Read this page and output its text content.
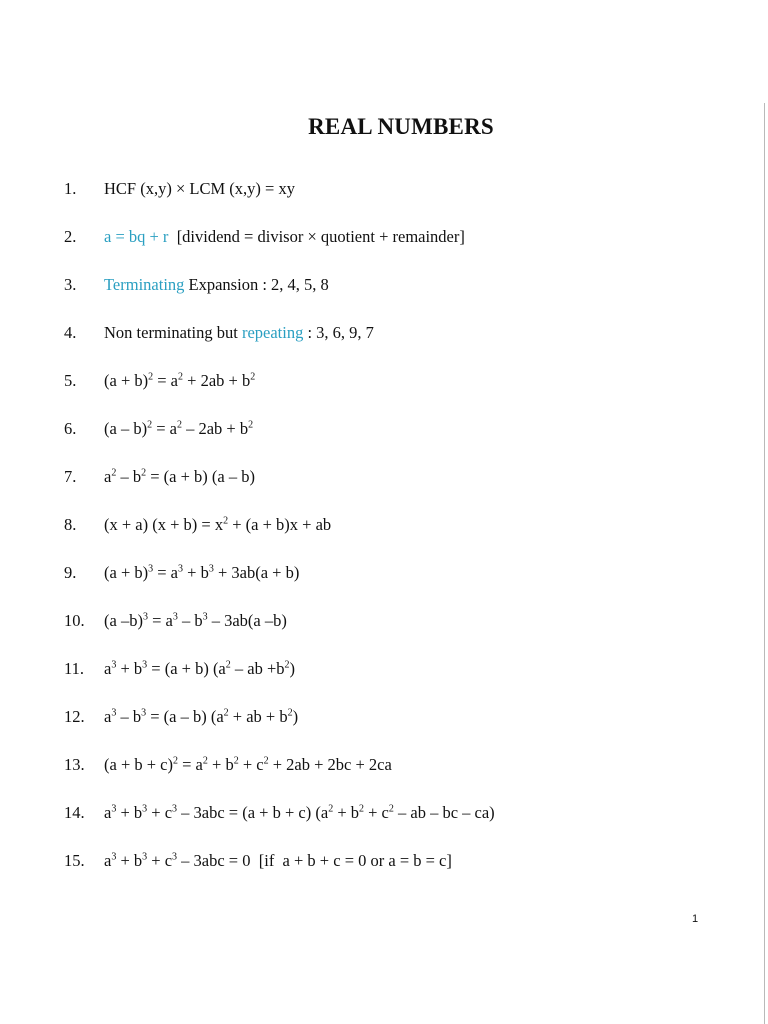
REAL NUMBERS
1.	HCF (x,y) × LCM (x,y) = xy
2.	a = bq + r  [dividend = divisor × quotient + remainder]
3.	Terminating Expansion : 2, 4, 5, 8
4.	Non terminating but repeating : 3, 6, 9, 7
5.	$(a + b)^2 = a^2 + 2ab + b^2$
6.	$(a - b)^2 = a^2 - 2ab + b^2$
7.	$a^2 - b^2 = (a + b)$ (a – b)
8.	(x + a) $(x + b) = x^2 + (a + b)x$ + ab
9.	$(a + b)^3 = a^3 + b^3 + 3ab(a + b)$
10.	(a $-b)^3 = a^3 - b^3 - 3ab(a$ –b)
11.	$a^3 + b^3 = (a + b)$ ($a^2$ – ab $+b^2$)
12.	$a^3 - b^3 = (a - b) (a^2$ + ab + $b^2$)
13.	$(a + b + c)^2 = a^2 + b^2 + c^2 + 2ab + 2bc + 2ca$
14.	$a^3 + b^3 + c^3 - 3abc = (a + b + c) (a^2 + b^2 + c^2$ – ab – bc – ca)
15.	$a^3 + b^3 + c^3 - 3abc = 0$  [if  a + b + c = 0 or a = b = c]
1
